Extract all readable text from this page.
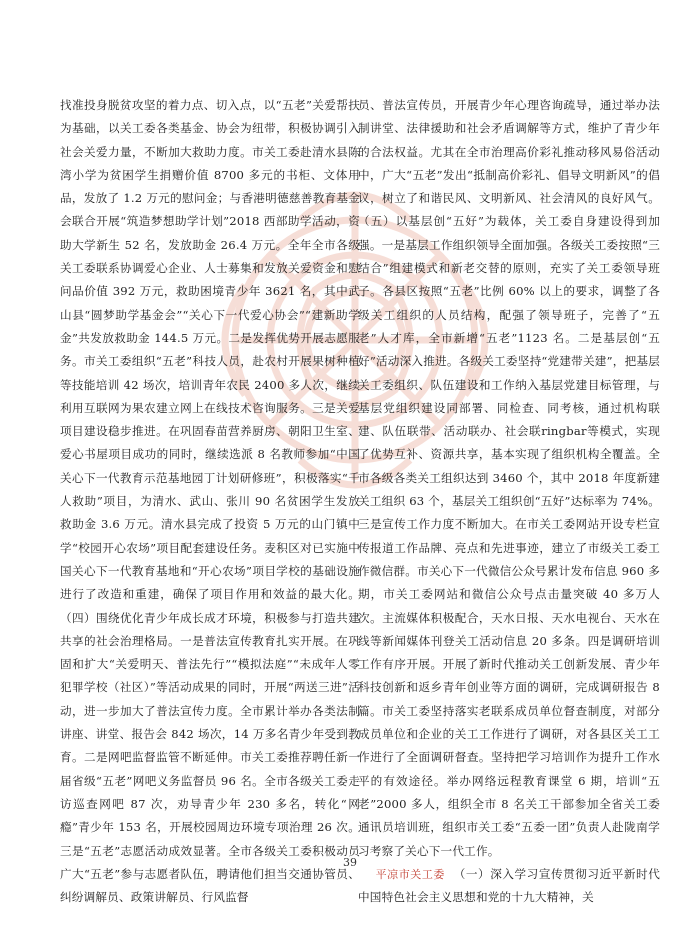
找准投身脱贫攻坚的着力点、切入点，以“五老”关爱帮扶为基础，以关工委各类基金、协会为纽带，积极协调引入社会关爱力量，不断加大救助力度。市关工委赴清水县陈湾小学为贫困学生捐赠价值 8700 多元的书柜、文体用品，发放了 1.2 万元的慰问金；与香港明德慈善教育基金会联合开展“筑造梦想助学计划”2018 西部助学活动，资助大学新生 52 名，发放助金 26.4 万元。全年全市各级关工委联系协调爱心企业、人士募集和发放关爱资金和慰问品价值 392 万元，救助困境青少年 3621 名，其中武山县“圆梦助学基金会”“关心下一代爱心协会”“建新助学金”共发放救助金 144.5 万元。二是发挥优势开展志愿服务。市关工委组织“五老”科技人员，赴农村开展果树种植等技能培训 42 场次，培训青年农民 2400 多人次，继续利用互联网为果农建立网上在线技术咨询服务。三是关爱项目建设稳步推进。在巩固春苗营养厨房、朝阳卫生室、爱心书屋项目成功的同时，继续选派 8 名教师参加“中国关心下一代教育示范基地园丁计划研修班”，积极落实“千人救助”项目，为清水、武山、张川 90 名贫困学生发放救助金 3.6 万元。清水县完成了投资 5 万元的山门镇中学“校园开心农场”项目配套建设任务。麦积区对已实施中国关心下一代教育基地和“开心农场”项目学校的基础设施进行了改造和重建，确保了项目作用和效益的最大化。（四）围绕优化青少年成长成才环境，积极参与打造共建共享的社会治理格局。一是普法宣传教育扎实开展。在巩固和扩大“关爱明天、普法先行”“模拟法庭”“未成年人零犯罪学校（社区）”等活动成果的同时，开展“两送三进”活动，进一步加大了普法宣传力度。全市累计举办各类法制讲座、讲堂、报告会 842 场次，14 万多名青少年受到教育。二是网吧监督监管不断延伸。市关工委推荐聘任新一届省级“五老”网吧义务监督员 96 名。全市各级关工委走访巡查网吧 87 次，劝导青少年 230 多名，转化“网瘾”青少年 153 名，开展校园周边环境专项治理 26 次。三是“五老”志愿活动成效显著。全市各级关工委积极动员广大“五老”参与志愿者队伍，聘请他们担当交通协管员、纠纷调解员、政策讲解员、行风监督

员、普法宣传员，开展青少年心理咨询疏导，通过举办法制讲堂、法律援助和社会矛盾调解等方式，维护了青少年的合法权益。尤其在全市治理高价彩礼推动移风易俗活动中，广大“五老”发出“抵制高价彩礼、倡导文明新风”的倡议，树立了和谐民风、文明新风、社会清风的良好风气。（五）以基层创“五好”为载体，关工委自身建设得到加强。一是基层工作组织领导全面加强。各级关工委按照“三结合”组建模式和新老交替的原则，充实了关工委领导班子。各县区按照“五老”比例 60% 以上的要求，调整了各级关工组织的人员结构，配强了领导班子，完善了“五老”人才库，全市新增“五老”1123 名。二是基层创“五好”活动深入推进。各级关工委坚持“党建带关建”，把基层关工委组织、队伍建设和工作纳入基层党建目标管理，与基层党组织建设同部署、同检查、同考核，通过机构联建、队伍联带、活动联办、社会联ringbar等模式，实现了优势互补、资源共享，基本实现了组织机构全覆盖。全市各级各类关工组织达到 3460 个，其中 2018 年度新建关工组织 63 个，基层关工组织创“五好”达标率为 74%。三是宣传工作力度不断加大。在市关工委网站开设专栏宣传报道工作品牌、亮点和先进事迹，建立了市级关工委工作微信群。市关心下一代微信公众号累计发布信息 960 多期，市关工委网站和微信公众号点击量突破 40 多万人次。主流媒体积极配合，天水日报、天水电视台、天水在线等新闻媒体刊登关工活动信息 20 多条。四是调研培训工作有序开展。开展了新时代推动关工创新发展、青少年科技创新和返乡青年创业等方面的调研，完成调研报告 8 篇。市关工委坚持落实老联系成员单位督查制度，对部分成员单位和企业的关工工作进行了调研，对各县区关工工作进行了全面调研督查。坚持把学习培训作为提升工作水平的有效途径。举办网络远程教育课堂 6 期，培训“五老”2000 多人，组织全市 8 名关工干部参加全省关工委通讯员培训班，组织市关工委“五委一团”负责人赴陇南学习考察了关心下一代工作。

平凉市关工委 （一）深入学习宣传贯彻习近平新时代中国特色社会主义思想和党的十九大精神，关

39
